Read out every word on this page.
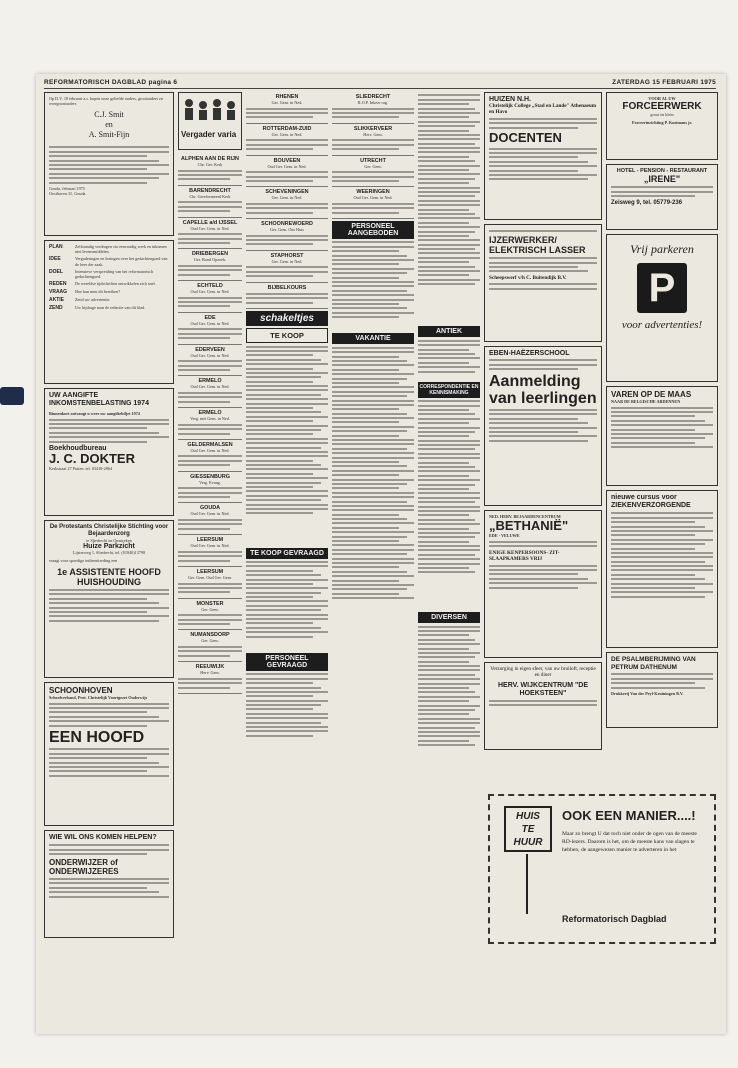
REFORMATORISCH DAGBLAD pagina 6	ZATERDAG 15 FEBRUARI 1975
Op D.V. 18 februari a.s. hopen onze geliefde ouders, grootouders en overgrootouders
C.J. Smit
en
A. Smit-Fijn
Gouda, februari 1975
Oosthaven 31, Gouda.
PLAN	Zelfstandig verdragen via eenvoudig werk en inkomen met levensmiddelen.
IDEE	Vergaderingen en lezingen over het gedachtengoed van de heer der zaak.
DOEL	Intensieve verspreiding van het reformatorisch gedachtengoed.
REDEN	De wereldse tijdschriften ontwikkelen zich snel.
VRAAG	Hoe kan men dit bereiken?
AKTIE	Zend uw advertentie.
ZEND	Uw bijdrage naar de redactie van dit blad.
UW AANGIFTE INKOMSTENBELASTING 1974
Binnenkort ontvangt u weer uw aangiftebiljet 1974
Boekhoudbureau
J. C. DOKTER
Kerkstraat 27 Putten. tel. 03418-2864
De Protestants Christelijke Stichting voor Bejaardenzorg
te Sliedrecht en Omstreken
Huize Parkzicht
Lijsterweg 1, Sliedrecht, tel. (01840)13798
vraagt voor spoedige indiensttreding een
1e ASSISTENTE HOOFD HUISHOUDING
SCHOONHOVEN
Schoolverband, Prot. Christelijk Voortgezet Onderwijs
EEN HOOFD
WIE WIL ONS KOMEN HELPEN?
ONDERWIJZER of ONDERWIJZERES
Vergader varia
ALPHEN AAN DE RIJN
Chr. Ger. Kerk
BARENDRECHT
Chr. Gereformeerd Kerk
CAPELLE a/d IJSSEL
Oud Ger. Gem. in Ned.
DRIEBERGEN
Ger. Bond Opzoek.
ECHTELD
Oud Ger. Gem. in Ned.
EDE
Oud Ger. Gem. in Ned.
EDERVEEN
Oud Ger. Gem. in Ned.
ERMELO
Oud Ger. Gem. in Ned.
ERMELO
Verg. met Gem. in Ned.
GELDERMALSEN
Oud Ger. Gem. in Ned.
GIESSENBURG
Verg. Evang.
GOUDA
Oud Ger. Gem. in Ned.
LEERSUM
Oud Ger. Gem. in Ned.
LEERSUM
Ger. Gem. Oud Ger. Gem.
MONSTER
Ger. Gem.
NUMANSDORP
Ger. Gem.
REEUWIJK
Herv. Gem.
RHENEN
Ger. Gem. in Ned.
ROTTERDAM-ZUID
Ger. Gem. in Ned.
BOUVEEN
Oud Ger. Gem. in Ned.
SCHEVENINGEN
Ger. Gem. in Ned.
SCHOONREWOERD
Ger. Gem. Ons Huis
STAPHORST
Ger. Gem. in Ned.
BIJBELKOURS
schakeltjes
TE KOOP
TE KOOP GEVRAAGD
PERSONEEL GEVRAAGD
SLIEDRECHT
R.O.P. Inkeer org.
SLIKKERVEER
Herv. Gem.
UTRECHT
Ger. Gem.
WEERINGEN
Oud Ger. Gem. in Ned.
PERSONEEL AANGEBODEN
VAKANTIE
ANTIEK
CORRESPONDENTIE EN KENNISMAKING
DIVERSEN
HUIZEN N.H.
Christelijk College „Stad en Lande" Athenaeum en Havo
DOCENTEN
IJZERWERKER/ ELEKTRISCH LASSER
Scheepswerf v/h C. Buitendijk B.V.
EBEN-HAËZERSCHOOL
Aanmelding van leerlingen
NED. HERV. BEJAARDENCENTRUM
„BETHANIË"
EDE - VELUWE
ENIGE KENPERSOONS- ZIT-SLAAPKAMERS VRIJ
Verzorging in eigen sfeer, van uw bruiloft, receptie en diner
HERV. WIJKCENTRUM "DE HOEKSTEEN"
VOOR AL UW
FORCEERWERK
groot en klein
Forceerinrichting P. Kooimans jr.
HOTEL - PENSION - RESTAURANT
„IRENE"
Zeisweg 9, tel. 05779-236
Vrij parkeren
P
voor advertenties!
VAREN OP DE MAAS
NAAR DE BELGISCHE ARDENNEN
nieuwe cursus voor ZIEKENVERZORGENDE
DE PSALMBERIJMING VAN PETRUM DATHENUM
Drukkerij Van der Peyl-Kruiningen B.V.
HUIS
TE
HUUR
OOK EEN MANIER....!
Maar zo brengt U dat toch niet onder de ogen van de meeste RD-lezers. Daarom is het, om de meeste kans van slagen te hebben, de aangewezen manier te adverteren in het
Reformatorisch Dagblad
